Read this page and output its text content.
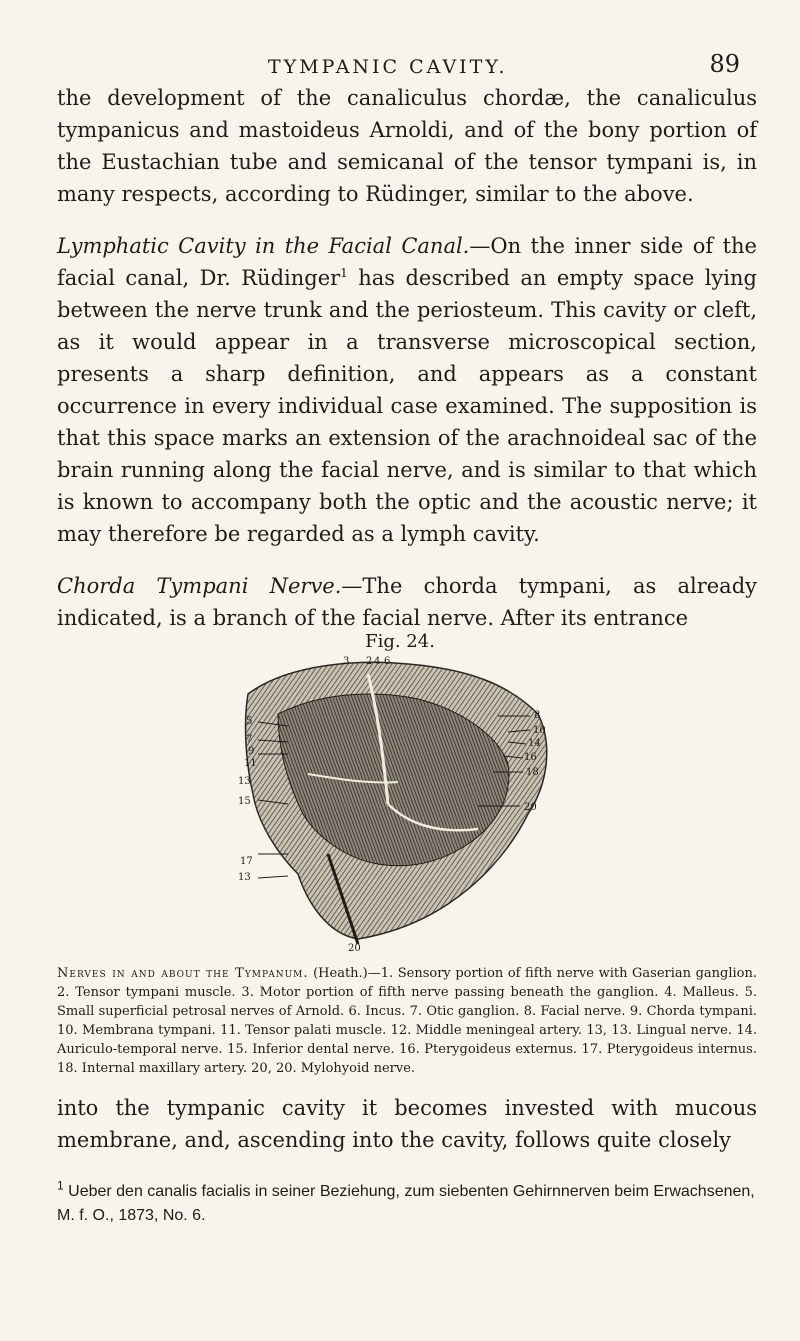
TYMPANIC CAVITY.	89

the development of the canaliculus chordæ, the canaliculus tympanicus and mastoideus Arnoldi, and of the bony portion of the Eustachian tube and semicanal of the tensor tympani is, in many respects, according to Rüdinger, similar to the above.

Lymphatic Cavity in the Facial Canal.—On the inner side of the facial canal, Dr. Rüdinger$^1$ has described an empty space lying between the nerve trunk and the periosteum. This cavity or cleft, as it would appear in a transverse microscopical section, presents a sharp definition, and appears as a constant occurrence in every individual case examined. The supposition is that this space marks an extension of the arachnoideal sac of the brain running along the facial nerve, and is similar to that which is known to accompany both the optic and the acoustic nerve; it may therefore be regarded as a lymph cavity.

Chorda Tympani Nerve.—The chorda tympani, as already indicated, is a branch of the facial nerve. After its entrance

Fig. 24.
3
5
7
9
11
13
15
17
13
2 4 6
8
10
14
16
18
20
20

Nerves in and about the Tympanum. (Heath.)—1. Sensory portion of fifth nerve with Gaserian ganglion. 2. Tensor tympani muscle. 3. Motor portion of fifth nerve passing beneath the ganglion. 4. Malleus. 5. Small superficial petrosal nerves of Arnold. 6. Incus. 7. Otic ganglion. 8. Facial nerve. 9. Chorda tympani. 10. Membrana tympani. 11. Tensor palati muscle. 12. Middle meningeal artery. 13, 13. Lingual nerve. 14. Auriculo-temporal nerve. 15. Inferior dental nerve. 16. Pterygoideus externus. 17. Pterygoideus internus. 18. Internal maxillary artery. 20, 20. Mylohyoid nerve.

into the tympanic cavity it becomes invested with mucous membrane, and, ascending into the cavity, follows quite closely

$^1$ Ueber den canalis facialis in seiner Beziehung, zum siebenten Gehirnnerven beim Erwachsenen, M. f. O., 1873, No. 6.
